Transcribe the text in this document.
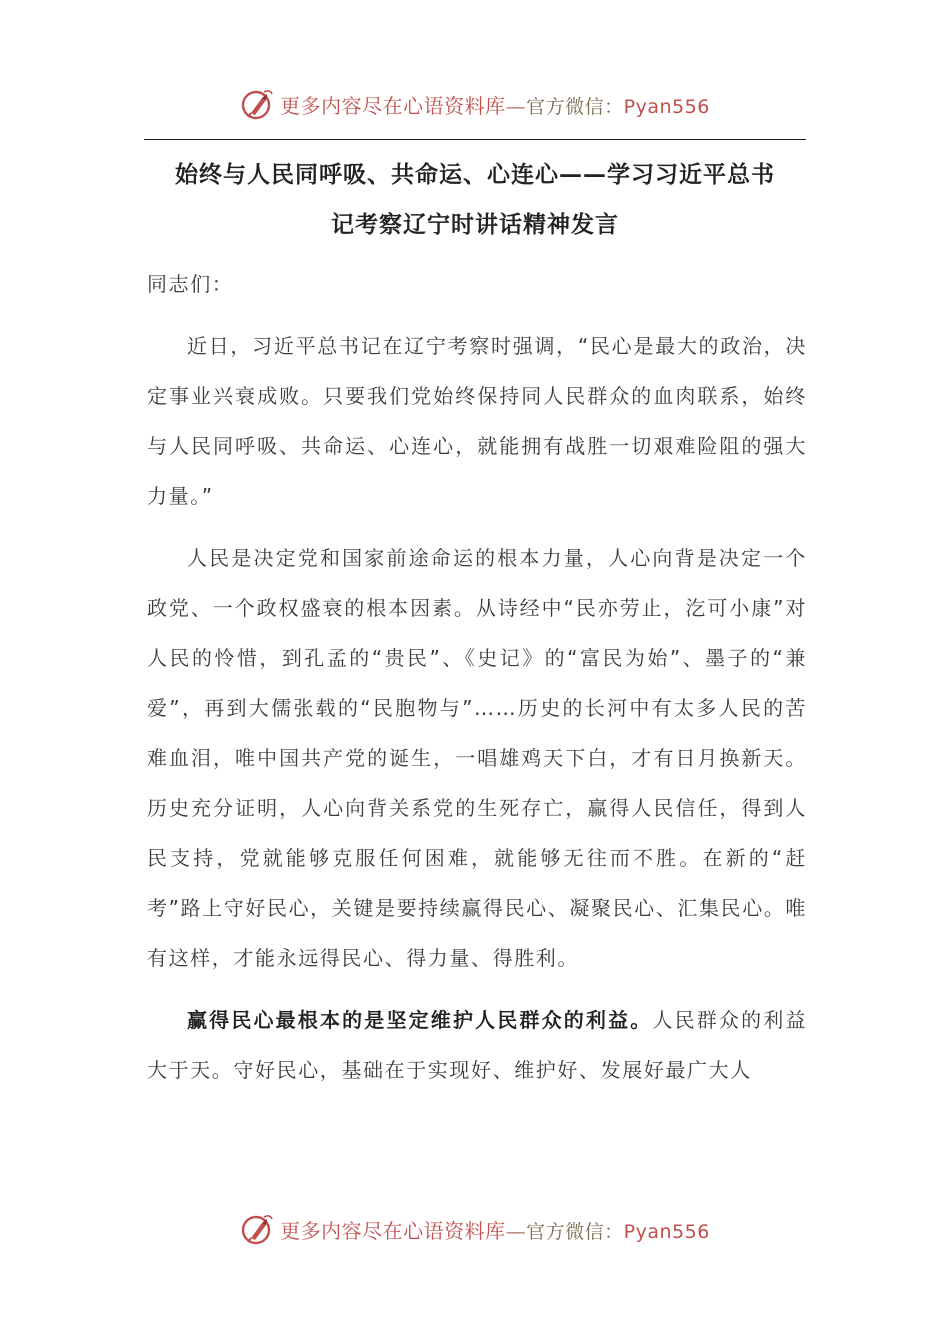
更多内容尽在心语资料库—官方微信：Pyan556
始终与人民同呼吸、共命运、心连心——学习习近平总书
记考察辽宁时讲话精神发言

同志们：

近日，习近平总书记在辽宁考察时强调，“民心是最大的政治，决定事业兴衰成败。只要我们党始终保持同人民群众的血肉联系，始终与人民同呼吸、共命运、心连心，就能拥有战胜一切艰难险阻的强大力量。”

人民是决定党和国家前途命运的根本力量，人心向背是决定一个政党、一个政权盛衰的根本因素。从诗经中“民亦劳止，汔可小康”对人民的怜惜，到孔孟的“贵民”、《史记》的“富民为始”、墨子的“兼爱”，再到大儒张载的“民胞物与”……历史的长河中有太多人民的苦难血泪，唯中国共产党的诞生，一唱雄鸡天下白，才有日月换新天。历史充分证明，人心向背关系党的生死存亡，赢得人民信任，得到人民支持，党就能够克服任何困难，就能够无往而不胜。在新的“赶考”路上守好民心，关键是要持续赢得民心、凝聚民心、汇集民心。唯有这样，才能永远得民心、得力量、得胜利。

赢得民心最根本的是坚定维护人民群众的利益。人民群众的利益大于天。守好民心，基础在于实现好、维护好、发展好最广大人

更多内容尽在心语资料库—官方微信：Pyan556
